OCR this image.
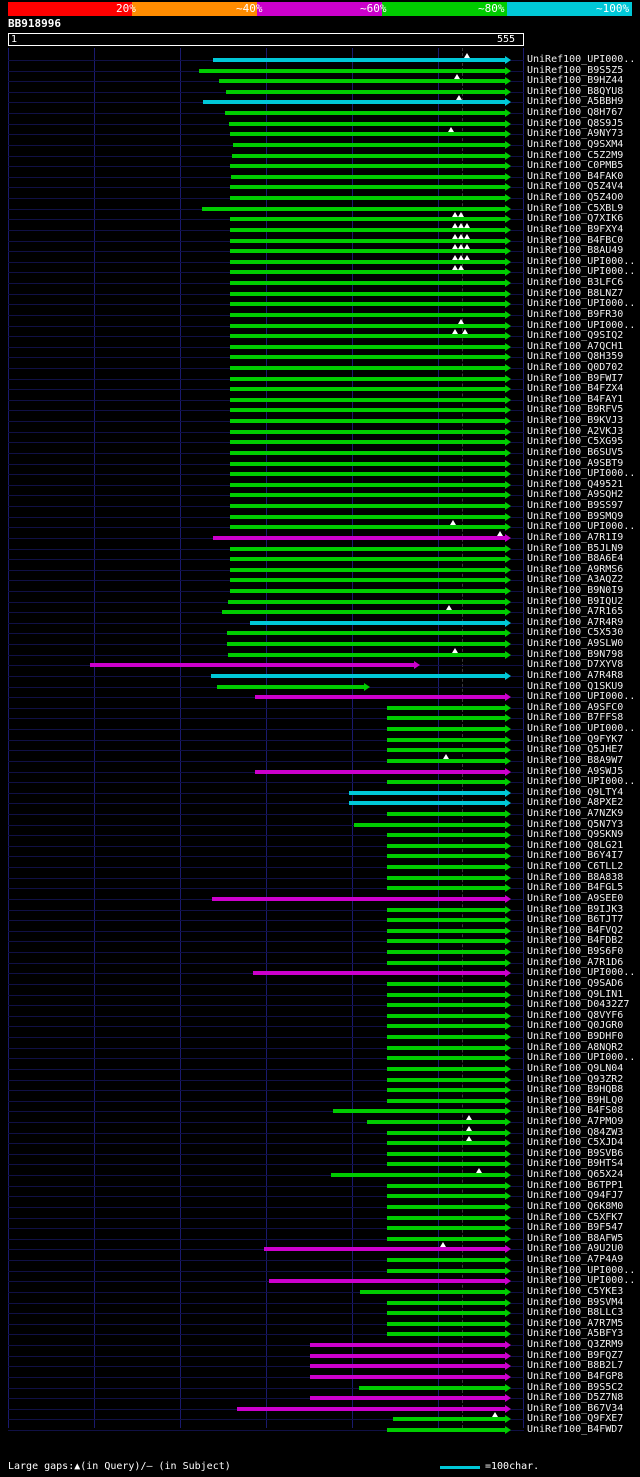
20%	~40%	~60%	~80%	~100%
BB918996
1	555
UniRef100_UPI000..
UniRef100_B9S5Z5
UniRef100_B9HZ44
UniRef100_B8QYU8
UniRef100_A5BBH9
UniRef100_Q8H767
UniRef100_Q8S9J5
UniRef100_A9NY73
UniRef100_Q9SXM4
UniRef100_C5Z2M9
UniRef100_C0PMB5
UniRef100_B4FAK0
UniRef100_Q5Z4V4
UniRef100_Q5Z4O0
UniRef100_C5XBL9
UniRef100_Q7XIK6
UniRef100_B9FXY4
UniRef100_B4FBC0
UniRef100_B8AU49
UniRef100_UPI000..
UniRef100_UPI000..
UniRef100_B3LFC6
UniRef100_B8LNZ7
UniRef100_UPI000..
UniRef100_B9FR30
UniRef100_UPI000..
UniRef100_Q9SIQ2
UniRef100_A7QCH1
UniRef100_Q8H359
UniRef100_Q0D702
UniRef100_B9FWI7
UniRef100_B4FZX4
UniRef100_B4FAY1
UniRef100_B9RFV5
UniRef100_B9KVJ3
UniRef100_A2VKJ3
UniRef100_C5XG95
UniRef100_B6SUV5
UniRef100_A9SBT9
UniRef100_UPI000..
UniRef100_Q49521
UniRef100_A9SQH2
UniRef100_B9SS97
UniRef100_B9SMQ9
UniRef100_UPI000..
UniRef100_A7R1I9
UniRef100_B5JLN9
UniRef100_B8A6E4
UniRef100_A9RMS6
UniRef100_A3AQZ2
UniRef100_B9N0I9
UniRef100_B9IQU2
UniRef100_A7R165
UniRef100_A7R4R9
UniRef100_C5X530
UniRef100_A9SLW0
UniRef100_B9N798
UniRef100_D7XYV8
UniRef100_A7R4R8
UniRef100_Q1SKU9
UniRef100_UPI000..
UniRef100_A9SFC0
UniRef100_B7FFS8
UniRef100_UPI000..
UniRef100_Q9FYK7
UniRef100_Q5JHE7
UniRef100_B8A9W7
UniRef100_A9SWJ5
UniRef100_UPI000..
UniRef100_Q9LTY4
UniRef100_A8PXE2
UniRef100_A7NZK9
UniRef100_Q5N7Y3
UniRef100_Q9SKN9
UniRef100_Q8LG21
UniRef100_B6Y4I7
UniRef100_C6TLL2
UniRef100_B8A838
UniRef100_B4FGL5
UniRef100_A9SEE0
UniRef100_B9IJK3
UniRef100_B6TJT7
UniRef100_B4FVQ2
UniRef100_B4FDB2
UniRef100_B9S6F0
UniRef100_A7R1D6
UniRef100_UPI000..
UniRef100_Q9SAD6
UniRef100_Q9LIN1
UniRef100_D0432Z7
UniRef100_Q8VYF6
UniRef100_Q0JGR0
UniRef100_B9DHF0
UniRef100_A8NQR2
UniRef100_UPI000..
UniRef100_Q9LN04
UniRef100_Q93ZR2
UniRef100_B9HQB8
UniRef100_B9HLQ0
UniRef100_B4FS08
UniRef100_A7PMO9
UniRef100_Q84ZW3
UniRef100_C5XJD4
UniRef100_B9SVB6
UniRef100_B9HTS4
UniRef100_Q65X24
UniRef100_B6TPP1
UniRef100_Q94FJ7
UniRef100_Q6K8M0
UniRef100_C5XFK7
UniRef100_B9F547
UniRef100_B8AFW5
UniRef100_A9U2U0
UniRef100_A7P4A9
UniRef100_UPI000..
UniRef100_UPI000..
UniRef100_C5YKE3
UniRef100_B9SVM4
UniRef100_B8LLC3
UniRef100_A7R7M5
UniRef100_A5BFY3
UniRef100_Q3ZRM9
UniRef100_B9FQZ7
UniRef100_B8B2L7
UniRef100_B4FGP8
UniRef100_B9S5C2
UniRef100_D5Z7N8
UniRef100_B67V34
UniRef100_Q9FXE7
UniRef100_B4FWD7
Large gaps:▲(in Query)/– (in Subject)	=100char.
